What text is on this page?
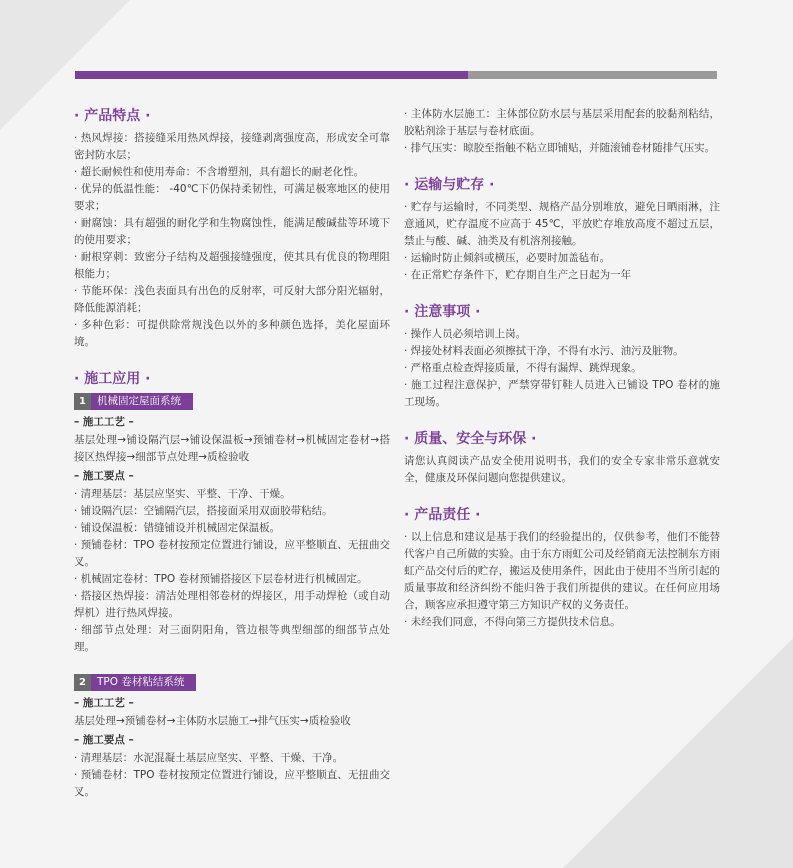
· 产品特点 ·

· 热风焊接：搭接缝采用热风焊接，接缝剥离强度高，形成安全可靠密封防水层；

· 超长耐候性和使用寿命：不含增塑剂，具有超长的耐老化性。

· 优异的低温性能： -40℃下仍保持柔韧性，可满足极寒地区的使用要求；

· 耐腐蚀：具有超强的耐化学和生物腐蚀性，能满足酸碱盐等环境下的使用要求；

· 耐根穿刺：致密分子结构及超强接缝强度，使其具有优良的物理阻根能力；

· 节能环保：浅色表面具有出色的反射率，可反射大部分阳光辐射，降低能源消耗；

· 多种色彩：可提供除常规浅色以外的多种颜色选择，美化屋面环境。

· 施工应用 ·
1	机械固定屋面系统

– 施工工艺 –

基层处理→铺设隔汽层→铺设保温板→预铺卷材→机械固定卷材→搭接区热焊接→细部节点处理→质检验收

– 施工要点 –

· 清理基层：基层应坚实、平整、干净、干燥。

· 铺设隔汽层：空铺隔汽层，搭接面采用双面胶带粘结。

· 铺设保温板：错缝铺设并机械固定保温板。

· 预铺卷材：TPO 卷材按预定位置进行铺设，应平整顺直、无扭曲交叉。

· 机械固定卷材：TPO 卷材预铺搭接区下层卷材进行机械固定。

· 搭接区热焊接：清洁处理相邻卷材的焊接区，用手动焊枪（或自动焊机）进行热风焊接。

· 细部节点处理：对三面阴阳角，管边根等典型细部的细部节点处理。

2	TPO 卷材粘结系统

– 施工工艺 –

基层处理→预铺卷材→主体防水层施工→排气压实→质检验收

– 施工要点 –

· 清理基层：水泥混凝土基层应坚实、平整、干燥、干净。

· 预铺卷材：TPO 卷材按预定位置进行铺设，应平整顺直、无扭曲交叉。

· 主体防水层施工：主体部位防水层与基层采用配套的胶黏剂粘结，胶粘剂涂于基层与卷材底面。

· 排气压实：晾胶至指触不粘立即铺贴，并随滚铺卷材随排气压实。

· 运输与贮存 ·

· 贮存与运输时，不同类型、规格产品分别堆放，避免日晒雨淋，注意通风，贮存温度不应高于 45℃，平放贮存堆放高度不超过五层，禁止与酸、碱、油类及有机溶剂接触。

· 运输时防止倾斜或横压，必要时加盖毡布。

· 在正常贮存条件下，贮存期自生产之日起为一年

· 注意事项 ·

· 操作人员必须培训上岗。

· 焊接处材料表面必须擦拭干净，不得有水污、油污及脏物。

· 严格重点检查焊接质量，不得有漏焊、跳焊现象。

· 施工过程注意保护，严禁穿带钉鞋人员进入已铺设 TPO 卷材的施工现场。

· 质量、安全与环保 ·

请您认真阅读产品安全使用说明书，我们的安全专家非常乐意就安全，健康及环保问题向您提供建议。

· 产品责任 ·

· 以上信息和建议是基于我们的经验提出的，仅供参考，他们不能替代客户自己所做的实验。由于东方雨虹公司及经销商无法控制东方雨虹产品交付后的贮存，搬运及使用条件，因此由于使用不当所引起的质量事故和经济纠纷不能归咎于我们所提供的建议。在任何应用场合，顾客应承担遵守第三方知识产权的义务责任。

· 未经我们同意，不得向第三方提供技术信息。
